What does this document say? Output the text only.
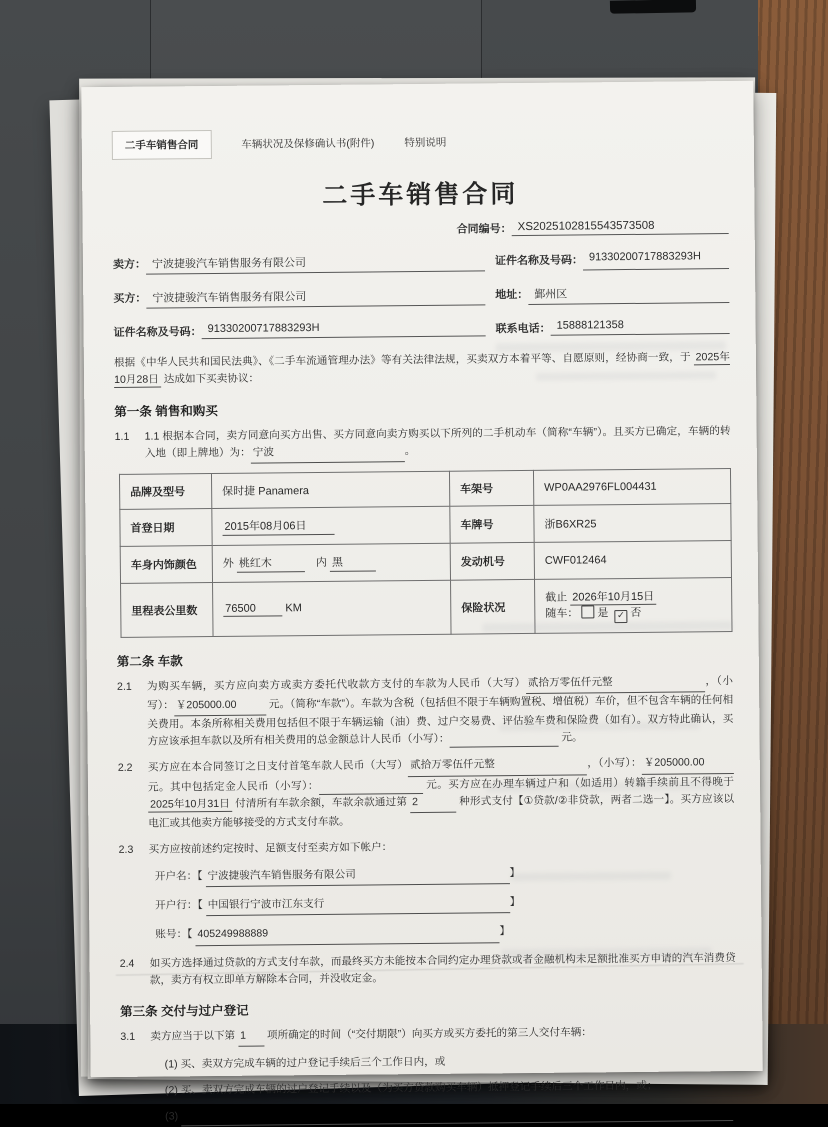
二手车销售合同	车辆状况及保修确认书(附件)	特别说明
二手车销售合同
合同编号： XS2025102815543573508
卖方： 宁波捷骏汽车销售服务有限公司	证件名称及号码： 91330200717883293H
买方： 宁波捷骏汽车销售服务有限公司	地址： 鄞州区
证件名称及号码： 91330200717883293H	联系电话： 15888121358
根据《中华人民共和国民法典》、《二手车流通管理办法》等有关法律法规，买卖双方本着平等、自愿原则，经协商一致，于 2025年10月28日 达成如下买卖协议：
第一条 销售和购买
1.1	1.1 根据本合同，卖方同意向买方出售、买方同意向卖方购买以下所列的二手机动车（简称“车辆”）。且买方已确定，车辆的转入地（即上牌地）为： 宁波	。
品牌及型号	保时捷 Panamera	车架号	WP0AA2976FL004431
首登日期	2015年08月06日	车牌号	浙B6XR25
车身内饰颜色	外 桃红木 　内 黑	发动机号	CWF012464
里程表公里数	76500 KM	保险状况	截止 2026年10月15日
随车： 是 ✓ 否
第二条 车款
2.1	为购买车辆，买方应向卖方或卖方委托代收款方支付的车款为人民币（大写） 贰拾万零伍仟元整	，（小写）： ￥205000.00	元。（简称“车款”）。车款为含税（包括但不限于车辆购置税、增值税）车价，但不包含车辆的任何相关费用。本条所称相关费用包括但不限于车辆运输（油）费、过户交易费、评估验车费和保险费（如有）。双方特此确认，买方应该承担车款以及所有相关费用的总金额总计人民币（小写）：	元。
2.2	买方应在本合同签订之日支付首笔车款人民币（大写） 贰拾万零伍仟元整	，（小写）： ￥205000.00 元。其中包括定金人民币（小写）：	元。买方应在办理车辆过户和（如适用）转籍手续前且不得晚于 2025年10月31日 付清所有车款余额，车款余款通过第 2	种形式支付【①贷款/②非贷款，两者二选一】。买方应该以电汇或其他卖方能够接受的方式支付车款。
2.3	买方应按前述约定按时、足额支付至卖方如下帐户：
开户名：【 宁波捷骏汽车销售服务有限公司	】
开户行：【 中国银行宁波市江东支行	】
账号：【 405249988889	】
2.4	如买方选择通过贷款的方式支付车款，而最终买方未能按本合同约定办理贷款或者金融机构未足额批准买方申请的汽车消费贷款，卖方有权立即单方解除本合同，并没收定金。
第三条 交付与过户登记
3.1	卖方应当于以下第 1 项所确定的时间（“交付期限”）向买方或买方委托的第三人交付车辆：
(1) 买、卖双方完成车辆的过户登记手续后三个工作日内，或
(2) 买、卖双方完成车辆的过户登记手续以及（为买方贷款购买车辆）抵押登记手续后三个工作日内，或；
(3)
